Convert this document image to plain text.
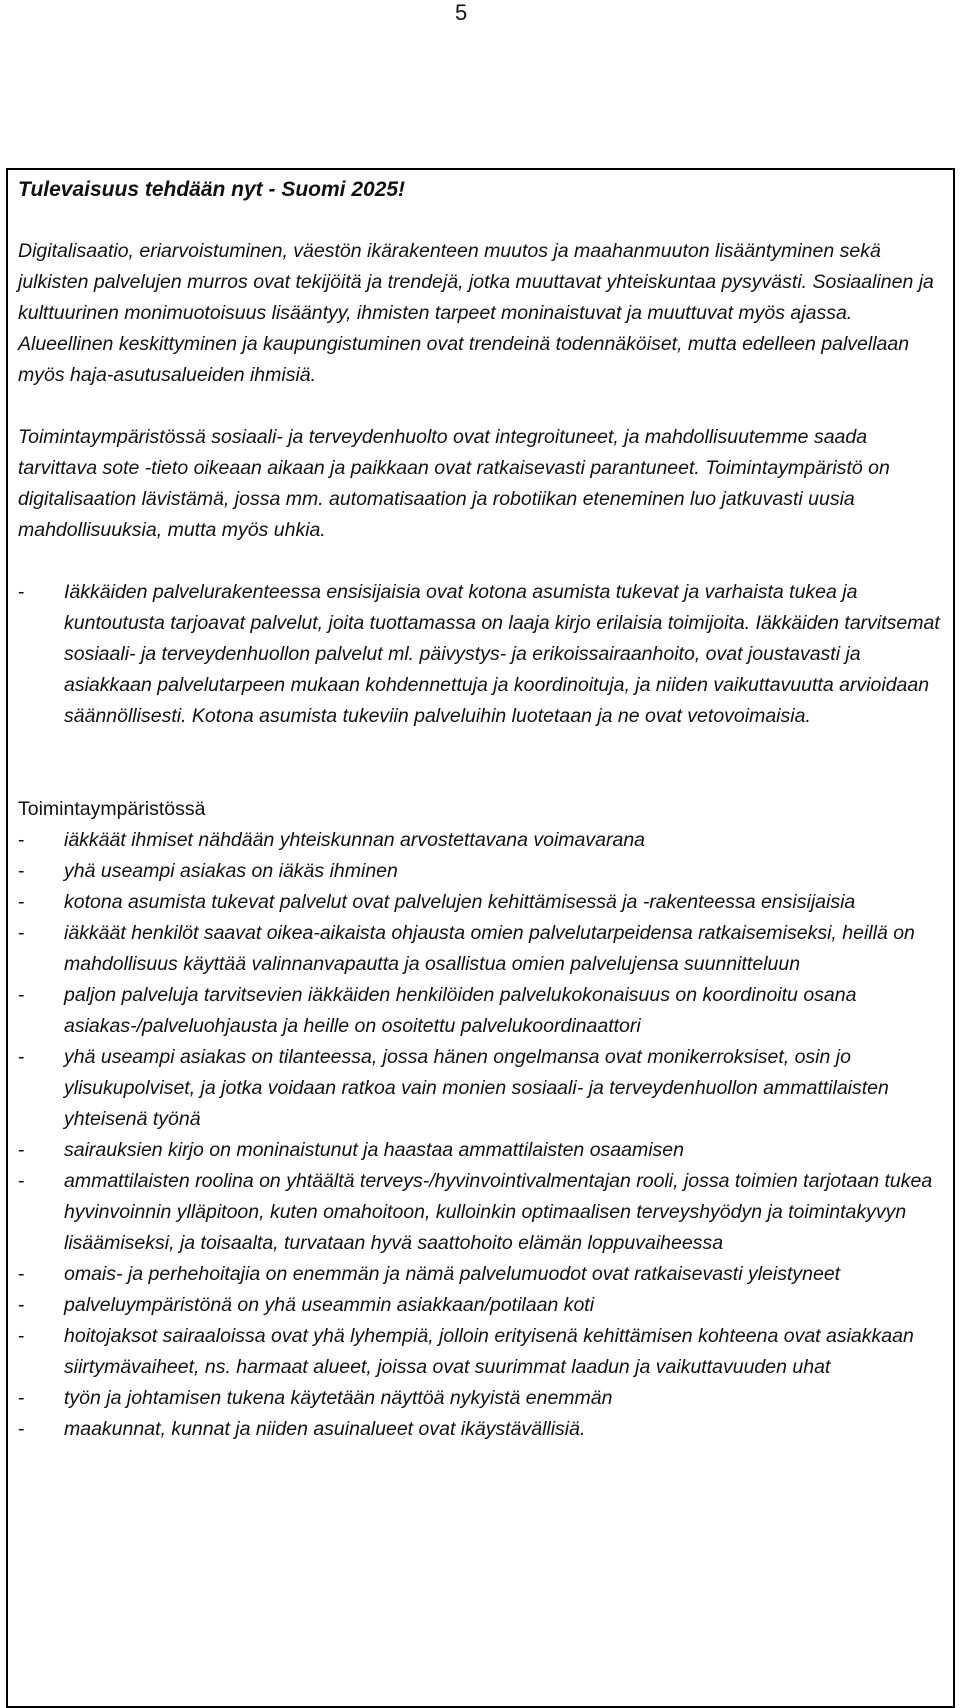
5

Tulevaisuus tehdään nyt - Suomi 2025!

Digitalisaatio, eriarvoistuminen, väestön ikärakenteen muutos ja maahanmuuton lisääntyminen sekä julkisten palvelujen murros ovat tekijöitä ja trendejä, jotka muuttavat yhteiskuntaa pysyvästi. Sosiaalinen ja kulttuurinen monimuotoisuus lisääntyy, ihmisten tarpeet moninaistuvat ja muuttuvat myös ajassa. Alueellinen keskittyminen ja kaupungistuminen ovat trendeinä todennäköiset, mutta edelleen palvellaan myös haja-asutusalueiden ihmisiä.

Toimintaympäristössä sosiaali- ja terveydenhuolto ovat integroituneet, ja mahdollisuutemme saada tarvittava sote -tieto oikeaan aikaan ja paikkaan ovat ratkaisevasti parantuneet. Toimintaympäristö on digitalisaation lävistämä, jossa mm. automatisaation ja robotiikan eteneminen luo jatkuvasti uusia mahdollisuuksia, mutta myös uhkia.

- Iäkkäiden palvelurakenteessa ensisijaisia ovat kotona asumista tukevat ja varhaista tukea ja kuntoutusta tarjoavat palvelut, joita tuottamassa on laaja kirjo erilaisia toimijoita. Iäkkäiden tarvitsemat sosiaali- ja terveydenhuollon palvelut ml. päivystys- ja erikoissairaanhoito, ovat joustavasti ja asiakkaan palvelutarpeen mukaan kohdennettuja ja koordinoituja, ja niiden vaikuttavuutta arvioidaan säännöllisesti. Kotona asumista tukeviin palveluihin luotetaan ja ne ovat vetovoimaisia.

Toimintaympäristössä

- iäkkäät ihmiset nähdään yhteiskunnan arvostettavana voimavarana
- yhä useampi asiakas on iäkäs ihminen
- kotona asumista tukevat palvelut ovat palvelujen kehittämisessä ja -rakenteessa ensisijaisia
- iäkkäät henkilöt saavat oikea-aikaista ohjausta omien palvelutarpeidensa ratkaisemiseksi, heillä on mahdollisuus käyttää valinnanvapautta ja osallistua omien palvelujensa suunnitteluun
- paljon palveluja tarvitsevien iäkkäiden henkilöiden palvelukokonaisuus on koordinoitu osana asiakas-/palveluohjausta ja heille on osoitettu palvelukoordinaattori
- yhä useampi asiakas on tilanteessa, jossa hänen ongelmansa ovat monikerroksiset, osin jo ylisukupolviset, ja jotka voidaan ratkoa vain monien sosiaali- ja terveydenhuollon ammattilaisten yhteisenä työnä
- sairauksien kirjo on moninaistunut ja haastaa ammattilaisten osaamisen
- ammattilaisten roolina on yhtäältä terveys-/hyvinvointivalmentajan rooli, jossa toimien tarjotaan tukea hyvinvoinnin ylläpitoon, kuten omahoitoon, kulloinkin optimaalisen terveyshyödyn ja toimintakyvyn lisäämiseksi, ja toisaalta, turvataan hyvä saattohoito elämän loppuvaiheessa
- omais- ja perhehoitajia on enemmän ja nämä palvelumuodot ovat ratkaisevasti yleistyneet
- palveluympäristönä on yhä useammin asiakkaan/potilaan koti
- hoitojaksot sairaaloissa ovat yhä lyhempiä, jolloin erityisenä kehittämisen kohteena ovat asiakkaan siirtymävaiheet, ns. harmaat alueet, joissa ovat suurimmat laadun ja vaikuttavuuden uhat
- työn ja johtamisen tukena käytetään näyttöä nykyistä enemmän
- maakunnat, kunnat ja niiden asuinalueet ovat ikäystävällisiä.
